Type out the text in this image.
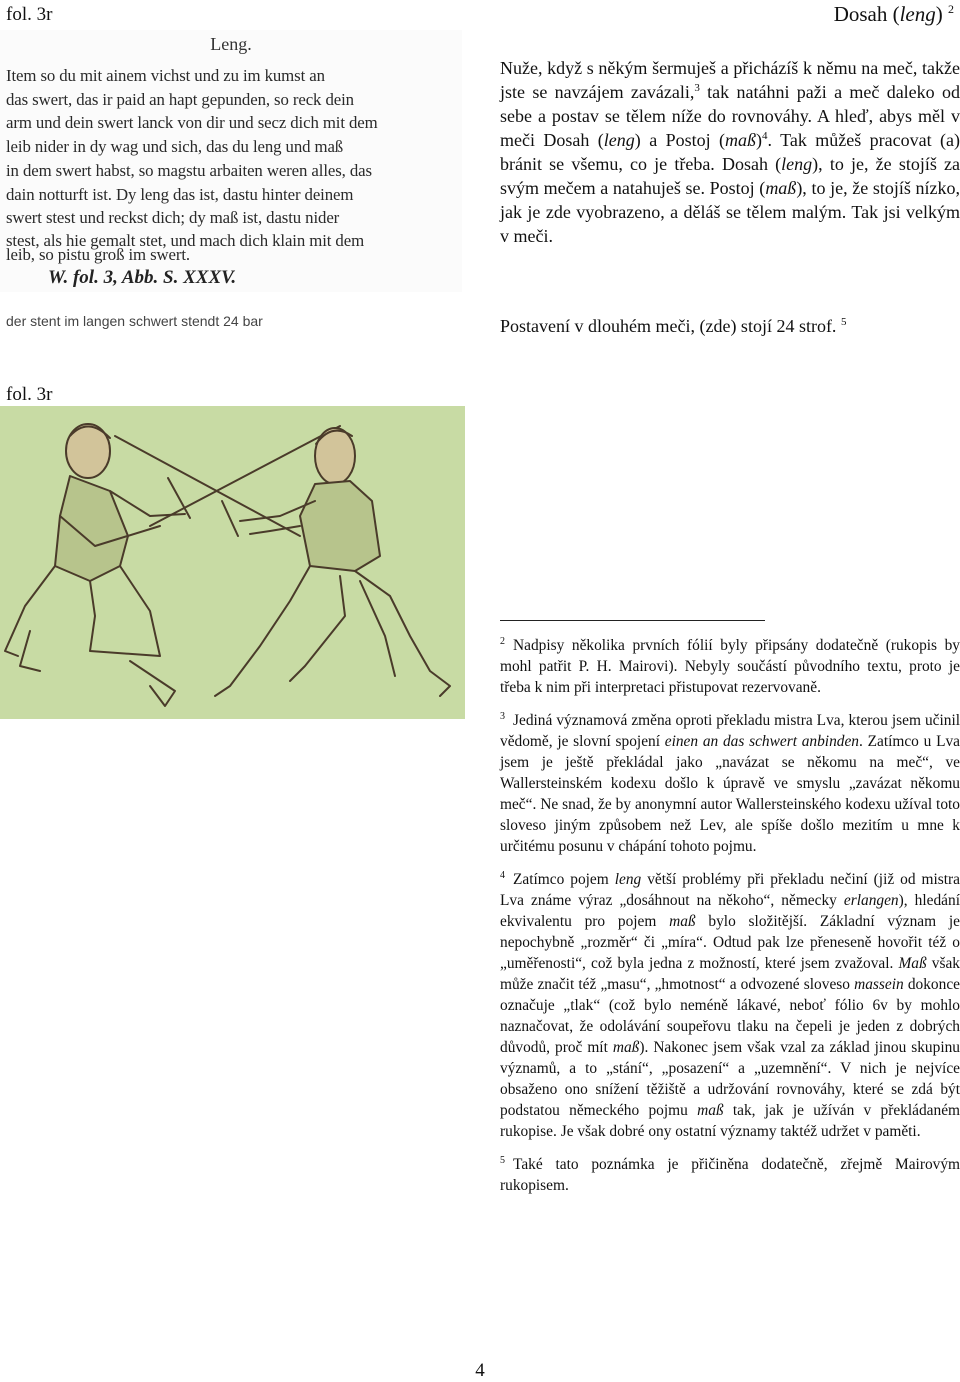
fol. 3r	Dosah (leng) $^2$
Leng.
Item so du mit ainem vichst und zu im kumst an
das swert, das ir paid an hapt gepunden, so reck dein
arm und dein swert lanck von dir und secz dich mit dem
leib nider in dy wag und sich, das du leng und maß
in dem swert habst, so magstu arbaiten weren alles, das
dain notturft ist. Dy leng das ist, dastu hinter deinem
swert stest und reckst dich; dy maß ist, dastu nider
stest, als hie gemalt stet, und mach dich klain mit dem
leib, so pistu groß im swert.
W. fol. 3, Abb. S. XXXV.
der stent im langen schwert stendt 24 bar

Nuže, když s někým šermuješ a přicházíš k němu na meč, takže jste se navzájem zavázali,$^3$ tak natáhni paži a meč daleko od sebe a postav se tělem níže do rovnováhy. A hleď, abys měl v meči Dosah (leng) a Postoj (maß)$^4$. Tak můžeš pracovat (a) bránit se všemu, co je třeba. Dosah (leng), to je, že stojíš za svým mečem a natahuješ se. Postoj (maß), to je, že stojíš nízko, jak je zde vyobrazeno, a děláš se tělem malým. Tak jsi velkým v meči.

Postavení v dlouhém meči, (zde) stojí 24 strof. $^5$
fol. 3r

$^2$ Nadpisy několika prvních fólií byly připsány dodatečně (rukopis by mohl patřit P. H. Mairovi). Nebyly součástí původního textu, proto je třeba k nim při interpretaci přistupovat rezervovaně.

$^3$ Jediná významová změna oproti překladu mistra Lva, kterou jsem učinil vědomě, je slovní spojení einen an das schwert anbinden. Zatímco u Lva jsem je ještě překládal jako „navázat se někomu na meč“, ve Wallersteinském kodexu došlo k úpravě ve smyslu „zavázat někomu meč“. Ne snad, že by anonymní autor Wallersteinského kodexu užíval toto sloveso jiným způsobem než Lev, ale spíše došlo mezitím u mne k určitému posunu v chápání tohoto pojmu.

$^4$ Zatímco pojem leng větší problémy při překladu nečiní (již od mistra Lva známe výraz „dosáhnout na někoho“, německy erlangen), hledání ekvivalentu pro pojem maß bylo složitější. Základní význam je nepochybně „rozměr“ či „míra“. Odtud pak lze přeneseně hovořit též o „uměřenosti“, což byla jedna z možností, které jsem zvažoval. Maß však může značit též „masu“, „hmotnost“ a odvozené sloveso massein dokonce označuje „tlak“ (což bylo neméně lákavé, neboť fólio 6v by mohlo naznačovat, že odolávání soupeřovu tlaku na čepeli je jeden z dobrých důvodů, proč mít maß). Nakonec jsem však vzal za základ jinou skupinu významů, a to „stání“, „posazení“ a „uzemnění“. V nich je nejvíce obsaženo ono snížení těžiště a udržování rovnováhy, které se zdá být podstatou německého pojmu maß tak, jak je užíván v překládaném rukopise. Je však dobré ony ostatní významy taktéž udržet v paměti.

$^5$ Také tato poznámka je přičiněna dodatečně, zřejmě Mairovým rukopisem.

4
